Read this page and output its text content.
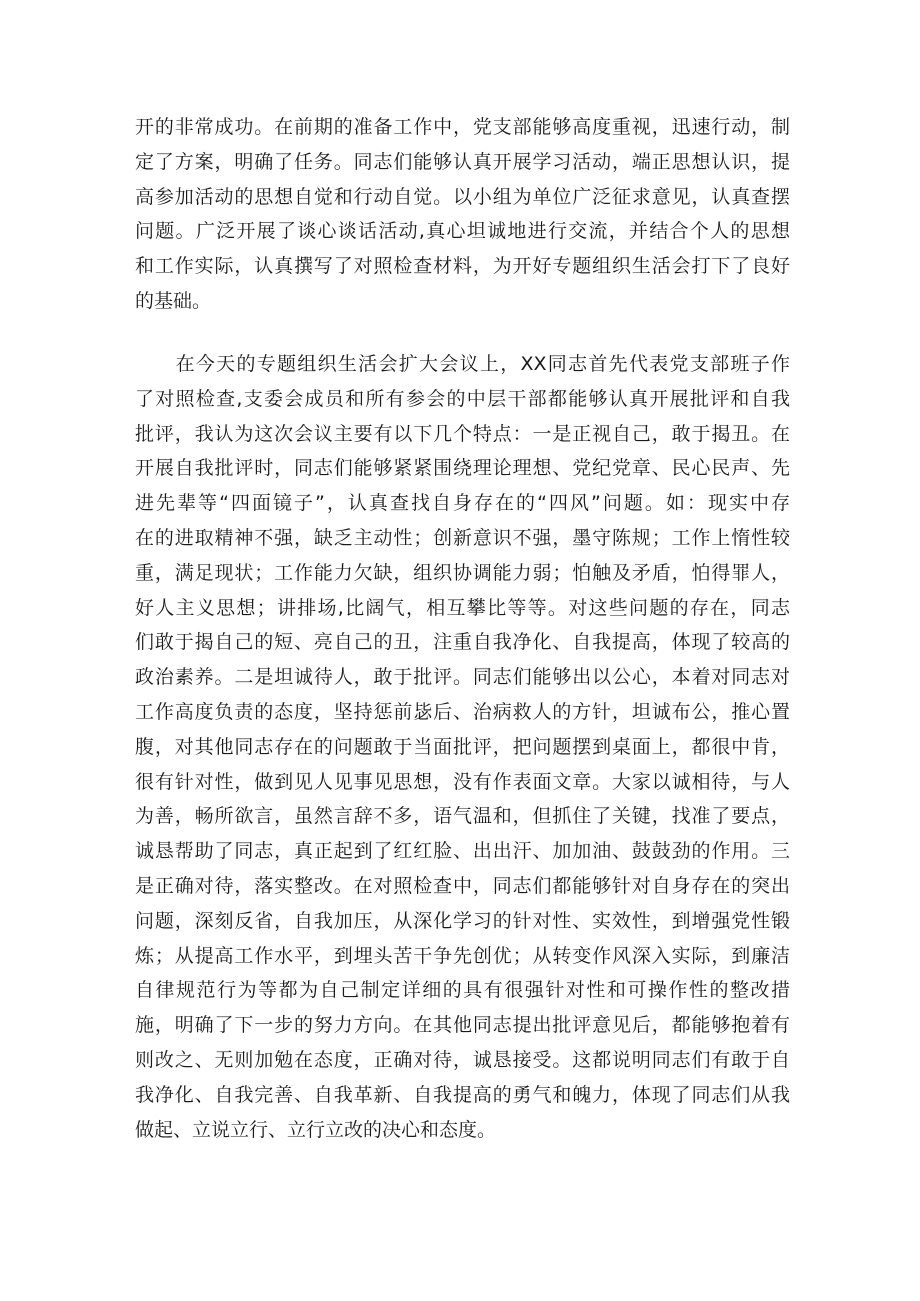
开的非常成功。在前期的准备工作中，党支部能够高度重视，迅速行动，制
定了方案，明确了任务。同志们能够认真开展学习活动，端正思想认识，提
高参加活动的思想自觉和行动自觉。以小组为单位广泛征求意见，认真查摆
问题。广泛开展了谈心谈话活动,真心坦诚地进行交流，并结合个人的思想
和工作实际，认真撰写了对照检查材料，为开好专题组织生活会打下了良好
的基础。
　　在今天的专题组织生活会扩大会议上，XX同志首先代表党支部班子作
了对照检查,支委会成员和所有参会的中层干部都能够认真开展批评和自我
批评，我认为这次会议主要有以下几个特点：一是正视自己，敢于揭丑。在
开展自我批评时，同志们能够紧紧围绕理论理想、党纪党章、民心民声、先
进先辈等“四面镜子”，认真查找自身存在的“四风”问题。如：现实中存
在的进取精神不强，缺乏主动性；创新意识不强，墨守陈规；工作上惰性较
重，满足现状；工作能力欠缺，组织协调能力弱；怕触及矛盾，怕得罪人，
好人主义思想；讲排场,比阔气，相互攀比等等。对这些问题的存在，同志
们敢于揭自己的短、亮自己的丑，注重自我净化、自我提高，体现了较高的
政治素养。二是坦诚待人，敢于批评。同志们能够出以公心，本着对同志对
工作高度负责的态度，坚持惩前毖后、治病救人的方针，坦诚布公，推心置
腹，对其他同志存在的问题敢于当面批评，把问题摆到桌面上，都很中肯，
很有针对性，做到见人见事见思想，没有作表面文章。大家以诚相待，与人
为善，畅所欲言，虽然言辞不多，语气温和，但抓住了关键，找准了要点，
诚恳帮助了同志，真正起到了红红脸、出出汗、加加油、鼓鼓劲的作用。三
是正确对待，落实整改。在对照检查中，同志们都能够针对自身存在的突出
问题，深刻反省，自我加压，从深化学习的针对性、实效性，到增强党性锻
炼；从提高工作水平，到埋头苦干争先创优；从转变作风深入实际，到廉洁
自律规范行为等都为自己制定详细的具有很强针对性和可操作性的整改措
施，明确了下一步的努力方向。在其他同志提出批评意见后，都能够抱着有
则改之、无则加勉在态度，正确对待，诚恳接受。这都说明同志们有敢于自
我净化、自我完善、自我革新、自我提高的勇气和魄力，体现了同志们从我
做起、立说立行、立行立改的决心和态度。
